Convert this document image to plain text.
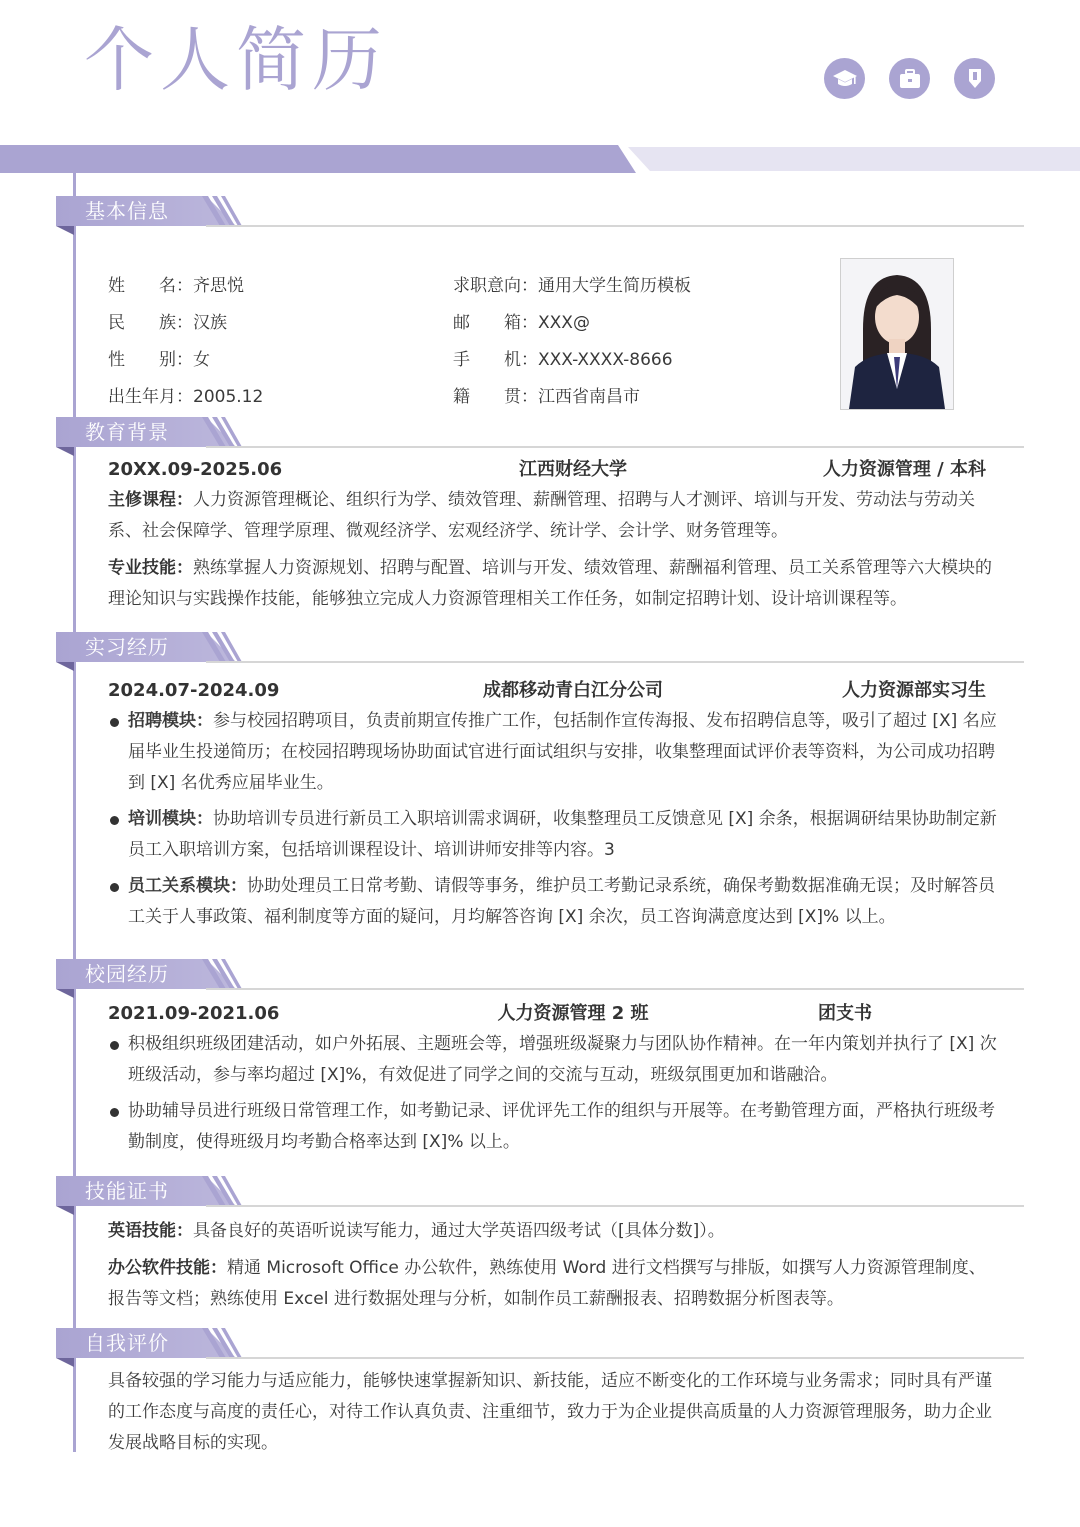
个人简历
基本信息
姓　　名：齐思悦
民　　族：汉族
性　　别：女
出生年月：2005.12
求职意向：通用大学生简历模板
邮　　箱：XXX@
手　　机：XXX-XXXX-8666
籍　　贯：江西省南昌市
教育背景
20XX.09-2025.06	江西财经大学	人力资源管理 / 本科

主修课程：人力资源管理概论、组织行为学、绩效管理、薪酬管理、招聘与人才测评、培训与开发、劳动法与劳动关系、社会保障学、管理学原理、微观经济学、宏观经济学、统计学、会计学、财务管理等。

专业技能：熟练掌握人力资源规划、招聘与配置、培训与开发、绩效管理、薪酬福利管理、员工关系管理等六大模块的理论知识与实践操作技能，能够独立完成人力资源管理相关工作任务，如制定招聘计划、设计培训课程等。

实习经历
2024.07-2024.09	成都移动青白江分公司	人力资源部实习生
招聘模块：参与校园招聘项目，负责前期宣传推广工作，包括制作宣传海报、发布招聘信息等，吸引了超过 [X] 名应届毕业生投递简历；在校园招聘现场协助面试官进行面试组织与安排，收集整理面试评价表等资料，为公司成功招聘到 [X] 名优秀应届毕业生。
培训模块：协助培训专员进行新员工入职培训需求调研，收集整理员工反馈意见 [X] 余条，根据调研结果协助制定新员工入职培训方案，包括培训课程设计、培训讲师安排等内容。3
员工关系模块：协助处理员工日常考勤、请假等事务，维护员工考勤记录系统，确保考勤数据准确无误；及时解答员工关于人事政策、福利制度等方面的疑问，月均解答咨询 [X] 余次，员工咨询满意度达到 [X]% 以上。
校园经历
2021.09-2021.06	人力资源管理 2 班	团支书
积极组织班级团建活动，如户外拓展、主题班会等，增强班级凝聚力与团队协作精神。在一年内策划并执行了 [X] 次班级活动，参与率均超过 [X]%，有效促进了同学之间的交流与互动，班级氛围更加和谐融洽。
协助辅导员进行班级日常管理工作，如考勤记录、评优评先工作的组织与开展等。在考勤管理方面，严格执行班级考勤制度，使得班级月均考勤合格率达到 [X]% 以上。
技能证书

英语技能：具备良好的英语听说读写能力，通过大学英语四级考试（[具体分数]）。

办公软件技能：精通 Microsoft Office 办公软件，熟练使用 Word 进行文档撰写与排版，如撰写人力资源管理制度、报告等文档；熟练使用 Excel 进行数据处理与分析，如制作员工薪酬报表、招聘数据分析图表等。

自我评价

具备较强的学习能力与适应能力，能够快速掌握新知识、新技能，适应不断变化的工作环境与业务需求；同时具有严谨的工作态度与高度的责任心，对待工作认真负责、注重细节，致力于为企业提供高质量的人力资源管理服务，助力企业发展战略目标的实现。
